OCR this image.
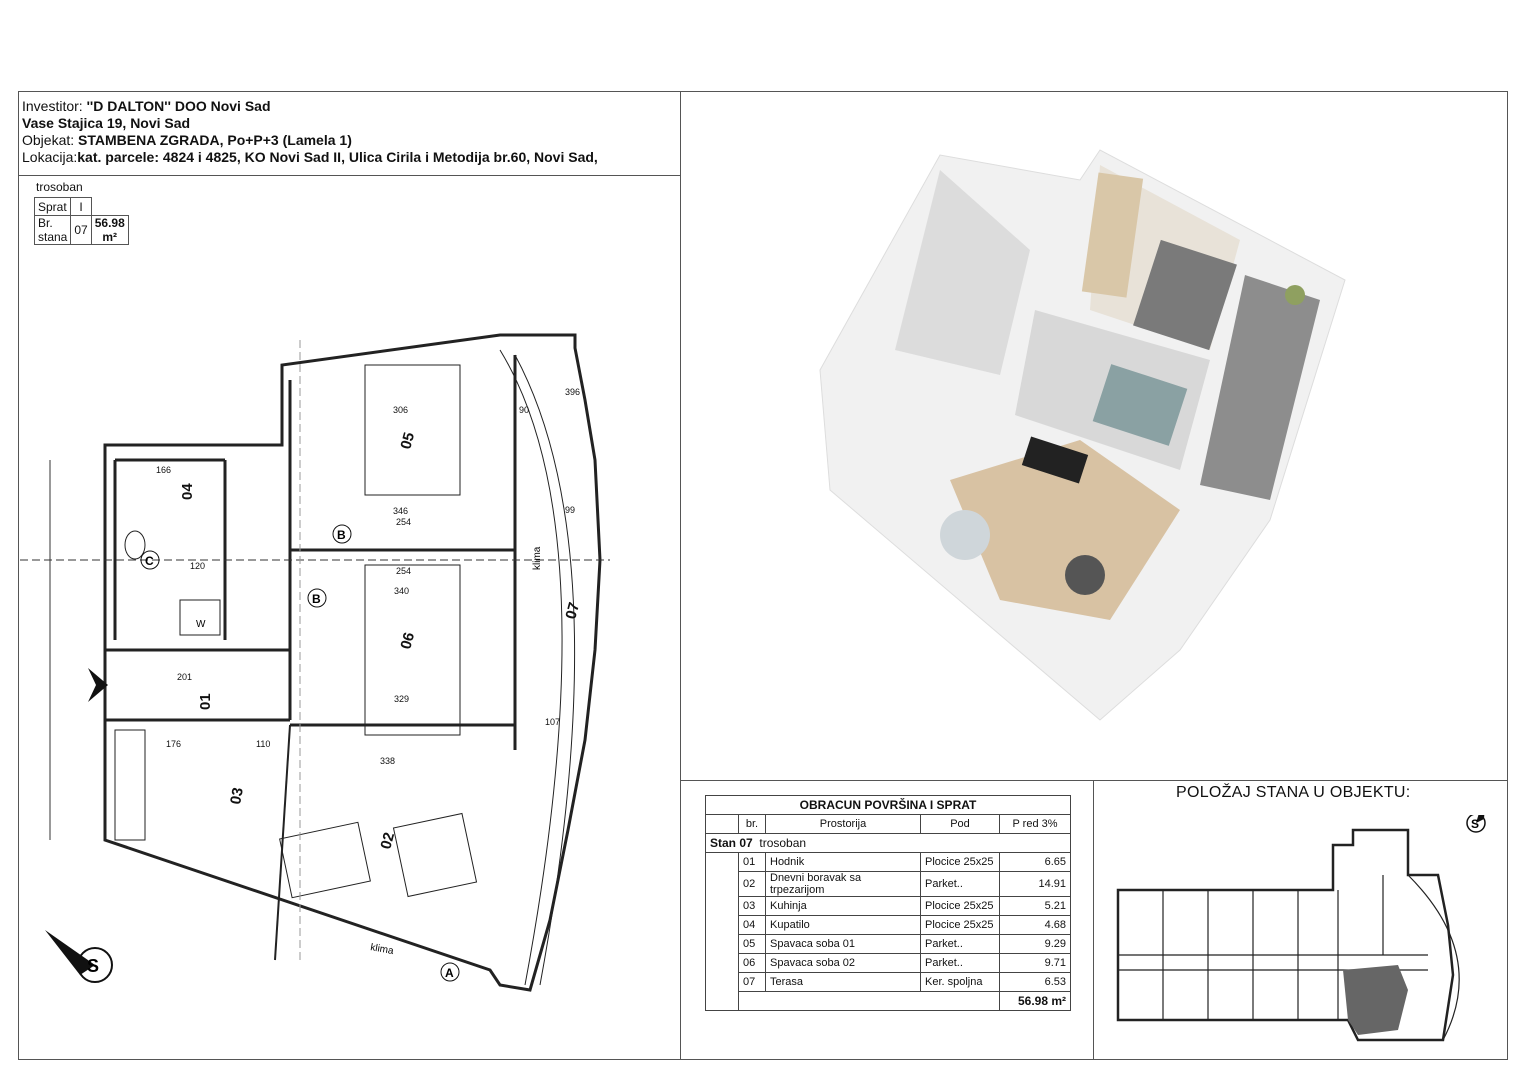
Investitor: ''D DALTON'' DOO Novi Sad
Vase Stajica 19, Novi Sad
Objekat: STAMBENA ZGRADA, Po+P+3 (Lamela 1)
Lokacija:kat. parcele: 4824 i 4825, KO Novi Sad II, Ulica Cirila i Metodija br.60, Novi Sad,
trosoban
Sprat	I	
Br. stana	07	56.98 m²
05
06
04
01
03
02
07
B
B
C
A
klima
klima
W
306
346
254
254
340
329
338
166
176
201
110
396
99
107
120
90
S
OBRACUN POVRŠINA I SPRAT				
	br.	Prostorija	Pod	P red 3%
Stan 07 trosoban				
	01	Hodnik	Plocice 25x25	6.65
	02	Dnevni boravak sa trpezarijom	Parket..	14.91
	03	Kuhinja	Plocice 25x25	5.21
	04	Kupatilo	Plocice 25x25	4.68
	05	Spavaca soba 01	Parket..	9.29
	06	Spavaca soba 02	Parket..	9.71
	07	Terasa	Ker. spoljna	6.53
				56.98 m²
POLOŽAJ STANA U OBJEKTU:
S
